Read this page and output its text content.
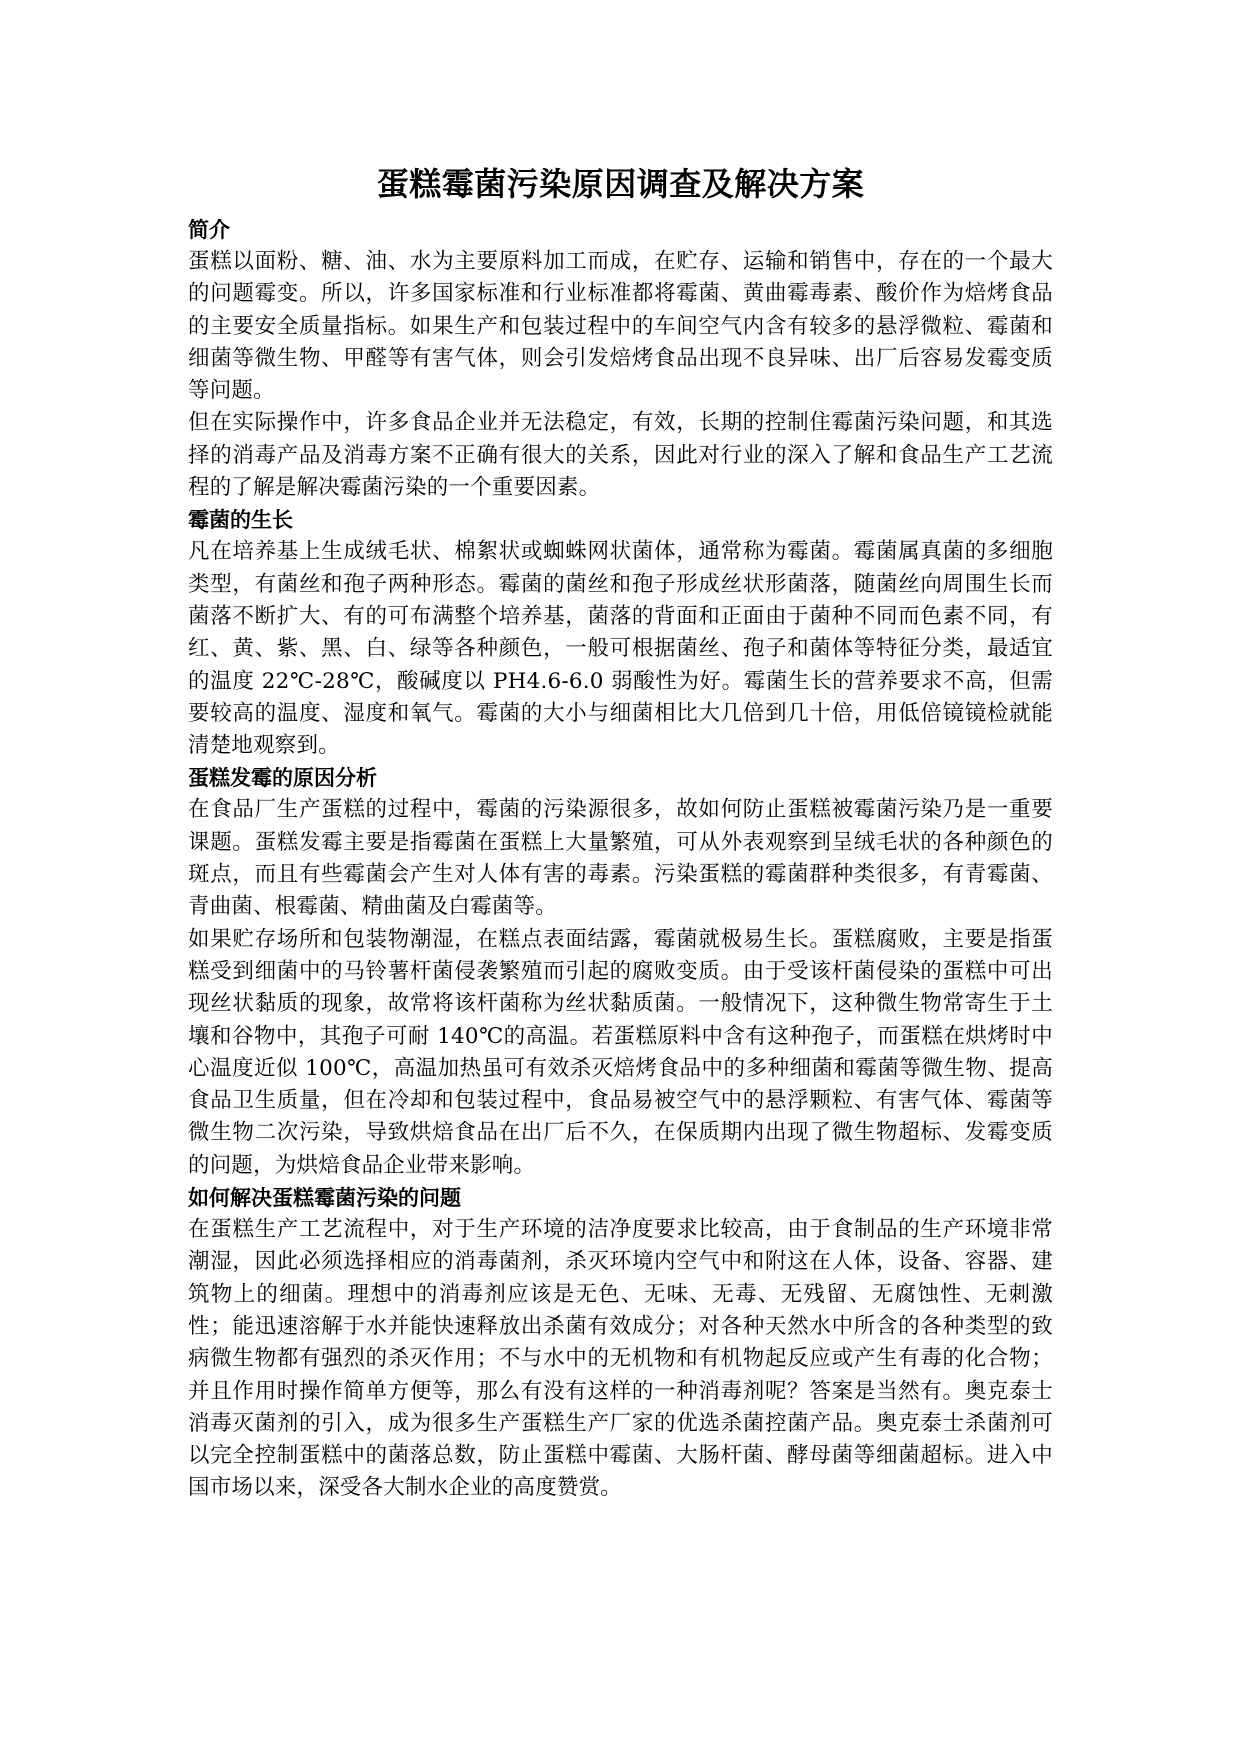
蛋糕霉菌污染原因调查及解决方案
简介

蛋糕以面粉、糖、油、水为主要原料加工而成，在贮存、运输和销售中，存在的一个最大的问题霉变。所以，许多国家标准和行业标准都将霉菌、黄曲霉毒素、酸价作为焙烤食品的主要安全质量指标。如果生产和包装过程中的车间空气内含有较多的悬浮微粒、霉菌和细菌等微生物、甲醛等有害气体，则会引发焙烤食品出现不良异味、出厂后容易发霉变质等问题。

但在实际操作中，许多食品企业并无法稳定，有效，长期的控制住霉菌污染问题，和其选择的消毒产品及消毒方案不正确有很大的关系，因此对行业的深入了解和食品生产工艺流程的了解是解决霉菌污染的一个重要因素。

霉菌的生长

凡在培养基上生成绒毛状、棉絮状或蜘蛛网状菌体，通常称为霉菌。霉菌属真菌的多细胞类型，有菌丝和孢子两种形态。霉菌的菌丝和孢子形成丝状形菌落，随菌丝向周围生长而菌落不断扩大、有的可布满整个培养基，菌落的背面和正面由于菌种不同而色素不同，有红、黄、紫、黑、白、绿等各种颜色，一般可根据菌丝、孢子和菌体等特征分类，最适宜的温度 22℃-28℃，酸碱度以 PH4.6-6.0 弱酸性为好。霉菌生长的营养要求不高，但需要较高的温度、湿度和氧气。霉菌的大小与细菌相比大几倍到几十倍，用低倍镜镜检就能清楚地观察到。

蛋糕发霉的原因分析

在食品厂生产蛋糕的过程中，霉菌的污染源很多，故如何防止蛋糕被霉菌污染乃是一重要课题。蛋糕发霉主要是指霉菌在蛋糕上大量繁殖，可从外表观察到呈绒毛状的各种颜色的斑点，而且有些霉菌会产生对人体有害的毒素。污染蛋糕的霉菌群种类很多，有青霉菌、青曲菌、根霉菌、精曲菌及白霉菌等。

如果贮存场所和包装物潮湿，在糕点表面结露，霉菌就极易生长。蛋糕腐败，主要是指蛋糕受到细菌中的马铃薯杆菌侵袭繁殖而引起的腐败变质。由于受该杆菌侵染的蛋糕中可出现丝状黏质的现象，故常将该杆菌称为丝状黏质菌。一般情况下，这种微生物常寄生于土壤和谷物中，其孢子可耐 140℃的高温。若蛋糕原料中含有这种孢子，而蛋糕在烘烤时中心温度近似 100℃，高温加热虽可有效杀灭焙烤食品中的多种细菌和霉菌等微生物、提高食品卫生质量，但在冷却和包装过程中，食品易被空气中的悬浮颗粒、有害气体、霉菌等微生物二次污染，导致烘焙食品在出厂后不久，在保质期内出现了微生物超标、发霉变质的问题，为烘焙食品企业带来影响。

如何解决蛋糕霉菌污染的问题

在蛋糕生产工艺流程中，对于生产环境的洁净度要求比较高，由于食制品的生产环境非常潮湿，因此必须选择相应的消毒菌剂，杀灭环境内空气中和附这在人体，设备、容器、建筑物上的细菌。理想中的消毒剂应该是无色、无味、无毒、无残留、无腐蚀性、无刺激性；能迅速溶解于水并能快速释放出杀菌有效成分；对各种天然水中所含的各种类型的致病微生物都有强烈的杀灭作用；不与水中的无机物和有机物起反应或产生有毒的化合物；并且作用时操作简单方便等，那么有没有这样的一种消毒剂呢？答案是当然有。奥克泰士消毒灭菌剂的引入，成为很多生产蛋糕生产厂家的优选杀菌控菌产品。奥克泰士杀菌剂可以完全控制蛋糕中的菌落总数，防止蛋糕中霉菌、大肠杆菌、酵母菌等细菌超标。进入中国市场以来，深受各大制水企业的高度赞赏。
